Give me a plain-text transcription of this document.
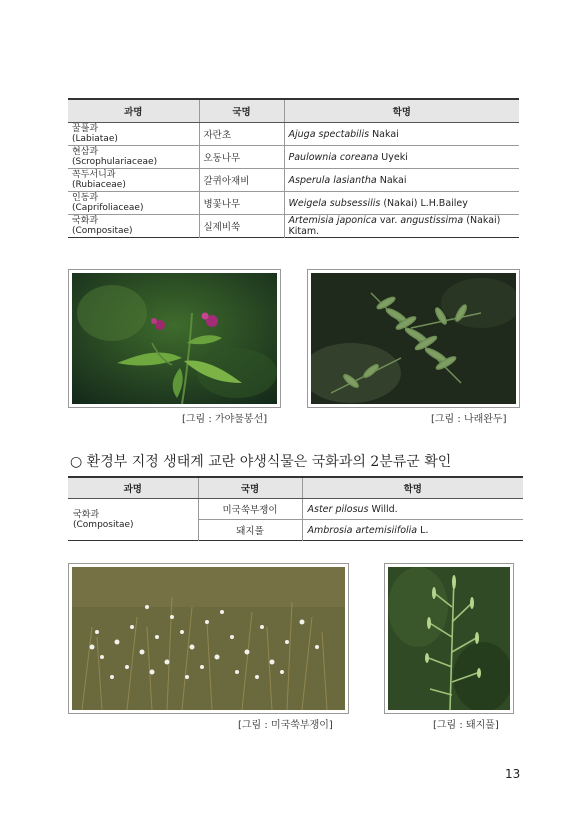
과명	국명	학명
꿀풀과
(Labiatae)	자란초	Ajuga spectabilis Nakai
현삼과
(Scrophulariaceae)	오동나무	Paulownia coreana Uyeki
꼭두서니과
(Rubiaceae)	갈퀴아재비	Asperula lasiantha Nakai
인동과
(Caprifoliaceae)	병꽃나무	Weigela subsessilis (Nakai) L.H.Bailey
국화과
(Compositae)	실제비쑥	Artemisia japonica var. angustissima (Nakai) Kitam.
[그림 : 가야물봉선]	[그림 : 나래완두]
○ 환경부 지정 생태계 교란 야생식물은 국화과의 2분류군 확인
과명	국명	학명
국화과
(Compositae)	미국쑥부쟁이	Aster pilosus Willd.
	돼지풀	Ambrosia artemisiifolia L.
[그림 : 미국쑥부쟁이]	[그림 : 돼지풀]
13
